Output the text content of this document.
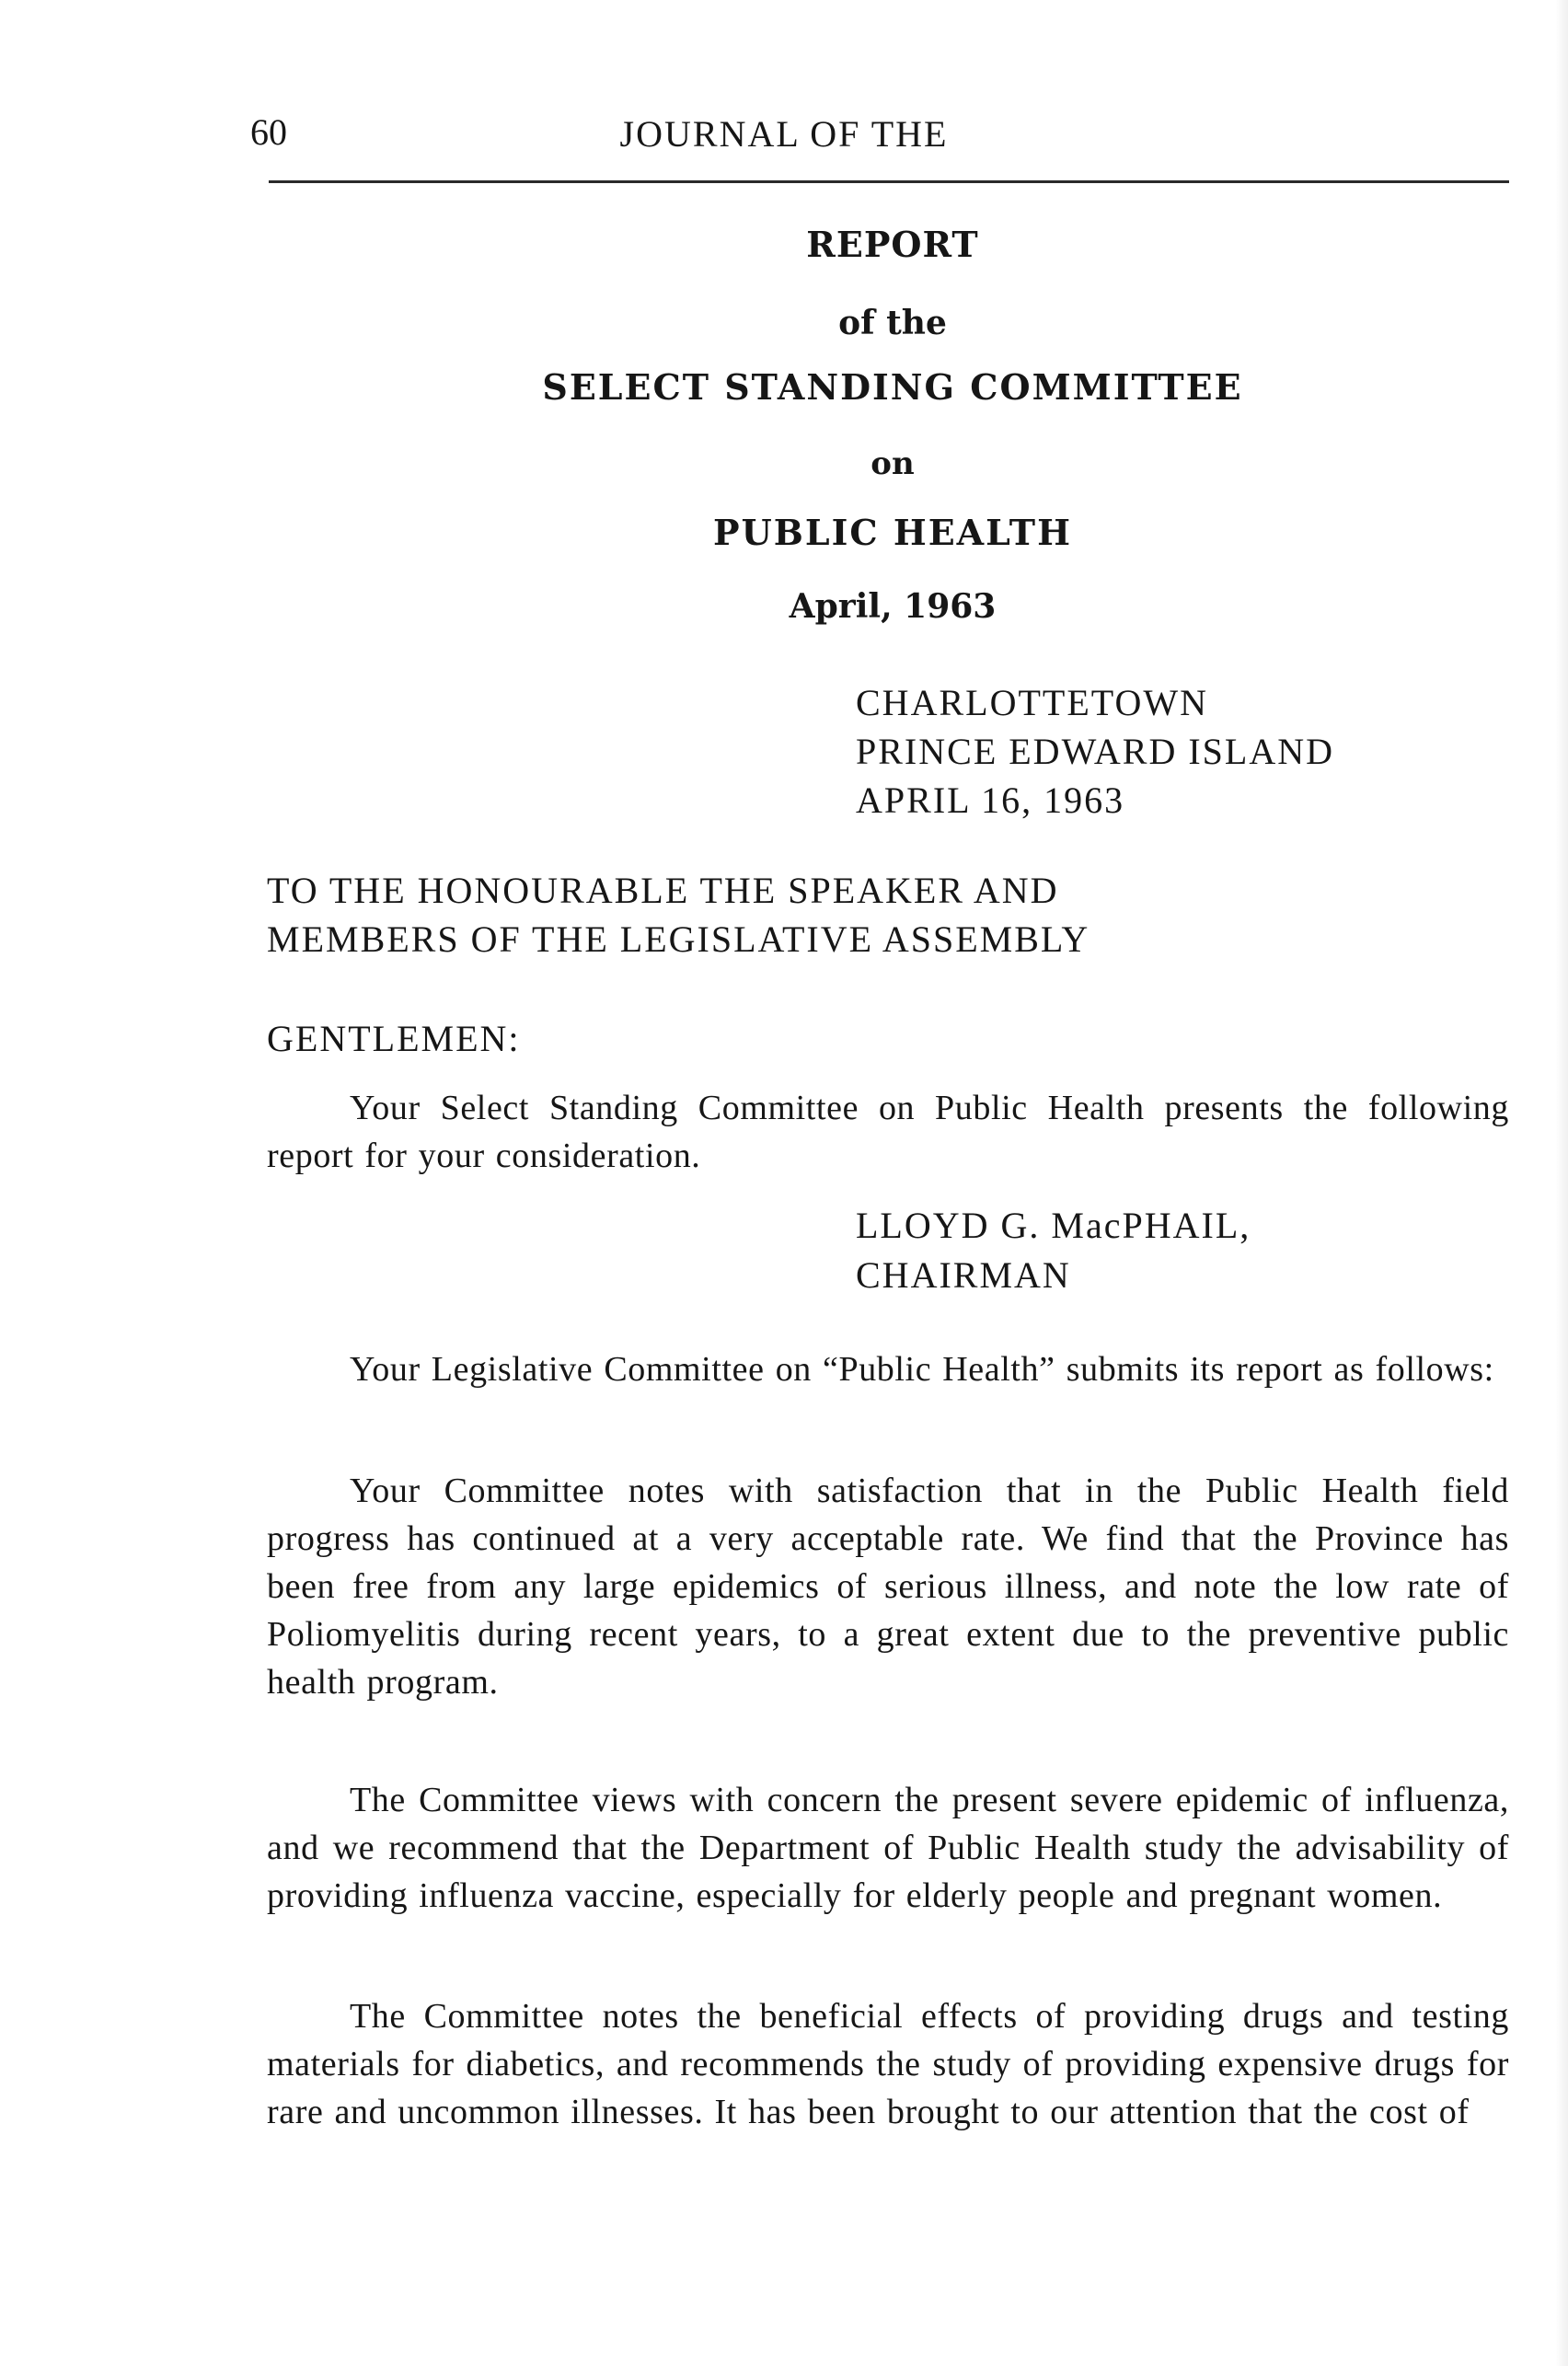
60	JOURNAL OF THE
REPORT
of the
SELECT STANDING COMMITTEE
on
PUBLIC HEALTH
April, 1963
CHARLOTTETOWN
PRINCE EDWARD ISLAND
APRIL 16, 1963
TO THE HONOURABLE THE SPEAKER AND
MEMBERS OF THE LEGISLATIVE ASSEMBLY
GENTLEMEN:

Your Select Standing Committee on Public Health presents the following report for your consideration.

LLOYD G. MacPHAIL,
CHAIRMAN

Your Legislative Committee on “Public Health” submits its report as follows:

Your Committee notes with satisfaction that in the Public Health field progress has continued at a very acceptable rate. We find that the Province has been free from any large epidemics of serious illness, and note the low rate of Poliomyelitis during recent years, to a great extent due to the preventive public health program.

The Committee views with concern the present severe epidemic of influenza, and we recommend that the Department of Public Health study the advisability of providing influenza vaccine, especially for elderly people and pregnant women.

The Committee notes the beneficial effects of providing drugs and testing materials for diabetics, and recommends the study of providing expensive drugs for rare and uncommon illnesses. It has been brought to our attention that the cost of
